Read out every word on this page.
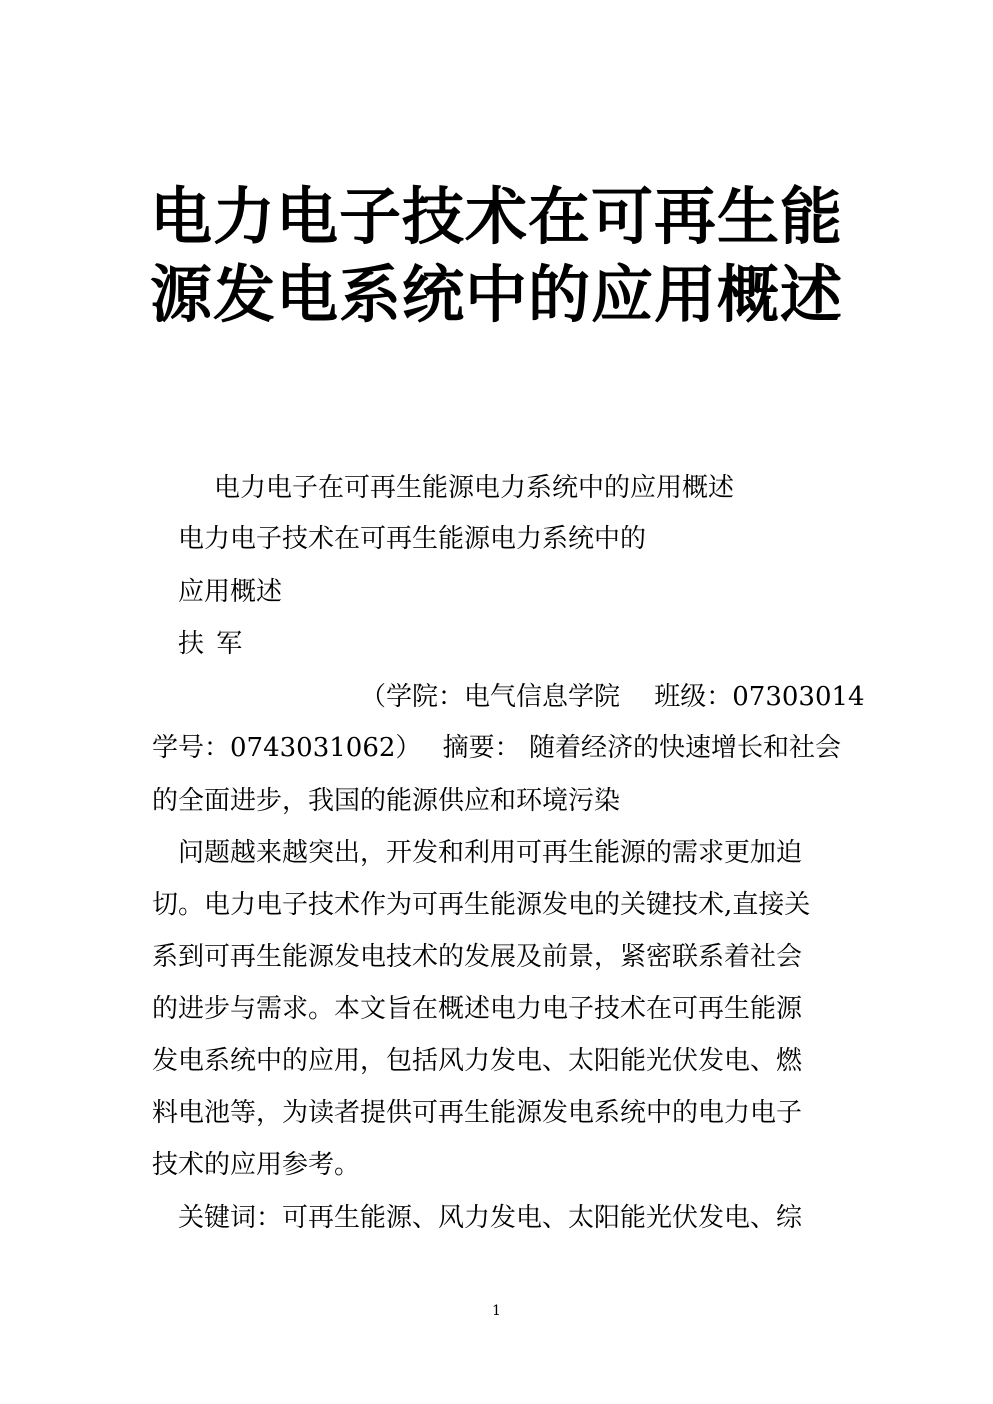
电力电子技术在可再生能
源发电系统中的应用概述

电力电子在可再生能源电力系统中的应用概述

电力电子技术在可再生能源电力系统中的

应用概述

扶 军

（学院：电气信息学院　 班级：07303014

学号：0743031062）　 摘要： 随着经济的快速增长和社会

的全面进步，我国的能源供应和环境污染

问题越来越突出，开发和利用可再生能源的需求更加迫

切。电力电子技术作为可再生能源发电的关键技术,直接关

系到可再生能源发电技术的发展及前景，紧密联系着社会

的进步与需求。本文旨在概述电力电子技术在可再生能源

发电系统中的应用，包括风力发电、太阳能光伏发电、燃

料电池等，为读者提供可再生能源发电系统中的电力电子

技术的应用参考。

关键词：可再生能源、风力发电、太阳能光伏发电、综

1
